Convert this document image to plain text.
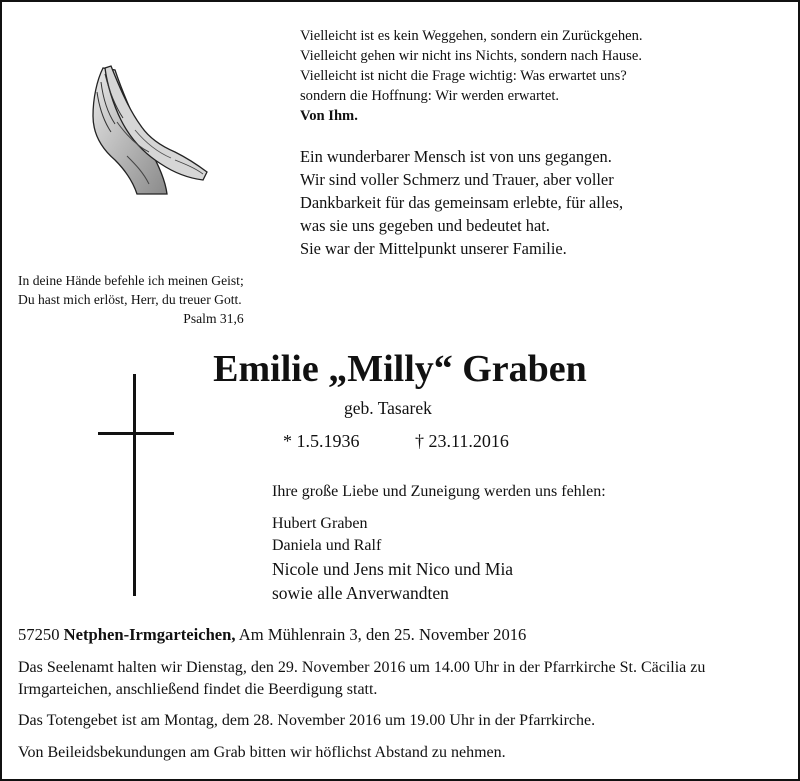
Vielleicht ist es kein Weggehen, sondern ein Zurückgehen.
Vielleicht gehen wir nicht ins Nichts, sondern nach Hause.
Vielleicht ist nicht die Frage wichtig: Was erwartet uns?
sondern die Hoffnung: Wir werden erwartet.
Von Ihm.
Ein wunderbarer Mensch ist von uns gegangen.
Wir sind voller Schmerz und Trauer, aber voller
Dankbarkeit für das gemeinsam erlebte, für alles,
was sie uns gegeben und bedeutet hat.
Sie war der Mittelpunkt unserer Familie.
In deine Hände befehle ich meinen Geist;
Du hast mich erlöst, Herr, du treuer Gott.
Psalm 31,6
Emilie „Milly“ Graben
geb. Tasarek
* 1.5.1936	† 23.11.2016
Ihre große Liebe und Zuneigung werden uns fehlen:
Hubert Graben
Daniela und Ralf
Nicole und Jens mit Nico und Mia
sowie alle Anverwandten
57250 Netphen-Irmgarteichen, Am Mühlenrain 3, den 25. November 2016
Das Seelenamt halten wir Dienstag, den 29. November 2016 um 14.00 Uhr in der Pfarrkirche St. Cäcilia zu Irmgarteichen, anschließend findet die Beerdigung statt.
Das Totengebet ist am Montag, dem 28. November 2016 um 19.00 Uhr in der Pfarrkirche.
Von Beileidsbekundungen am Grab bitten wir höflichst Abstand zu nehmen.
